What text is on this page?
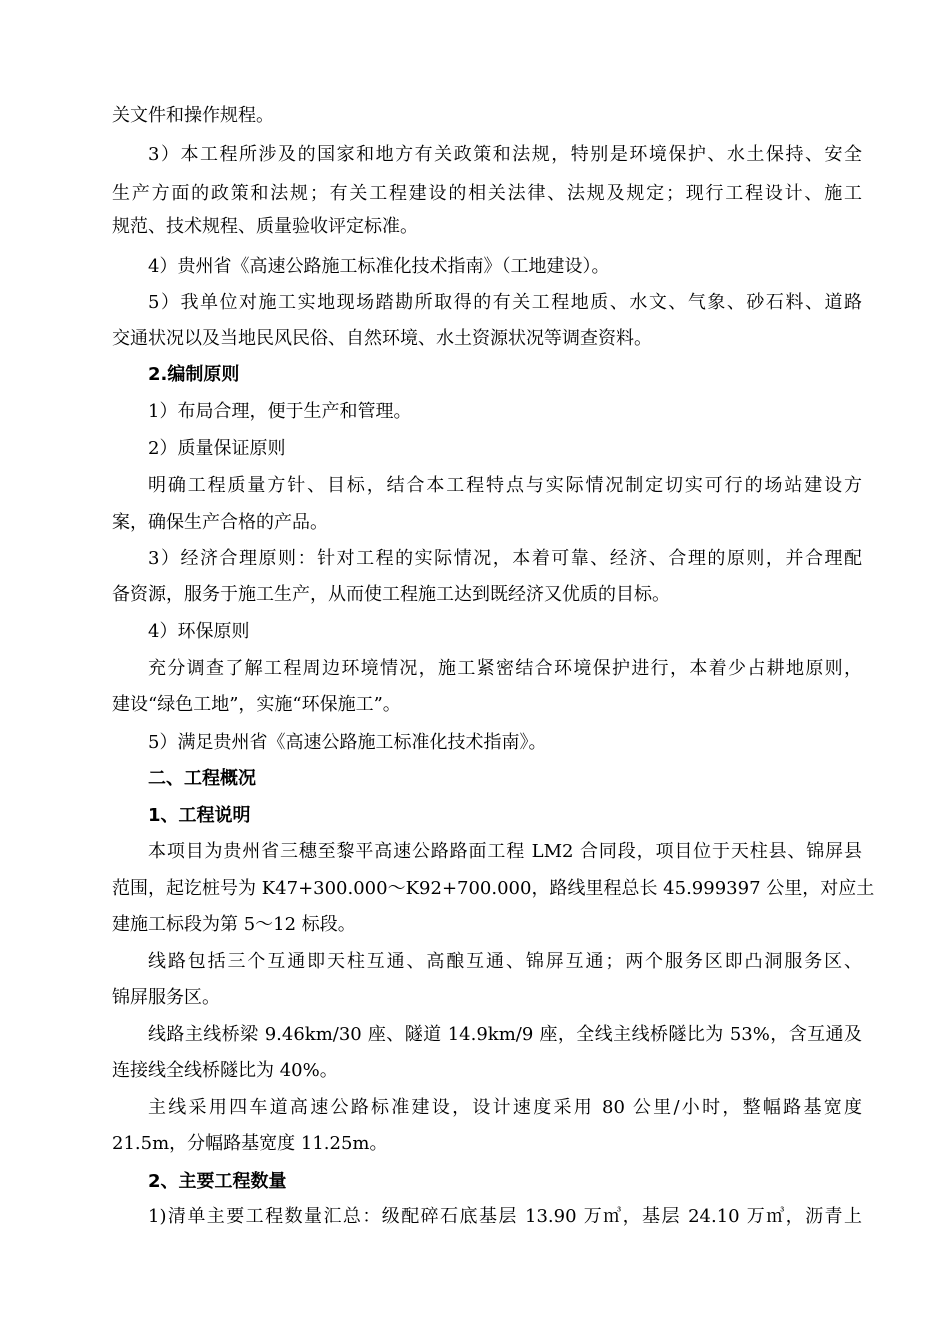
关文件和操作规程。
3）本工程所涉及的国家和地方有关政策和法规，特别是环境保护、水土保持、安全
生产方面的政策和法规；有关工程建设的相关法律、法规及规定；现行工程设计、施工
规范、技术规程、质量验收评定标准。
4）贵州省《高速公路施工标准化技术指南》（工地建设）。
5）我单位对施工实地现场踏勘所取得的有关工程地质、水文、气象、砂石料、道路
交通状况以及当地民风民俗、自然环境、水土资源状况等调查资料。
2.编制原则
1）布局合理，便于生产和管理。
2）质量保证原则
明确工程质量方针、目标，结合本工程特点与实际情况制定切实可行的场站建设方
案，确保生产合格的产品。
3）经济合理原则：针对工程的实际情况，本着可靠、经济、合理的原则，并合理配
备资源，服务于施工生产，从而使工程施工达到既经济又优质的目标。
4）环保原则
充分调查了解工程周边环境情况，施工紧密结合环境保护进行，本着少占耕地原则，
建设“绿色工地”，实施“环保施工”。
5）满足贵州省《高速公路施工标准化技术指南》。
二、工程概况
1、工程说明
本项目为贵州省三穗至黎平高速公路路面工程 LM2 合同段，项目位于天柱县、锦屏县
范围，起讫桩号为 K47+300.000～K92+700.000，路线里程总长 45.999397 公里，对应土
建施工标段为第 5～12 标段。
线路包括三个互通即天柱互通、高酿互通、锦屏互通；两个服务区即凸洞服务区、
锦屏服务区。
线路主线桥梁 9.46km/30 座、隧道 14.9km/9 座，全线主线桥隧比为 53%，含互通及
连接线全线桥隧比为 40%。
主线采用四车道高速公路标准建设，设计速度采用 80 公里/小时，整幅路基宽度
21.5m，分幅路基宽度 11.25m。
2、主要工程数量
1)清单主要工程数量汇总：级配碎石底基层 13.90 万㎥，基层 24.10 万㎥，沥青上
